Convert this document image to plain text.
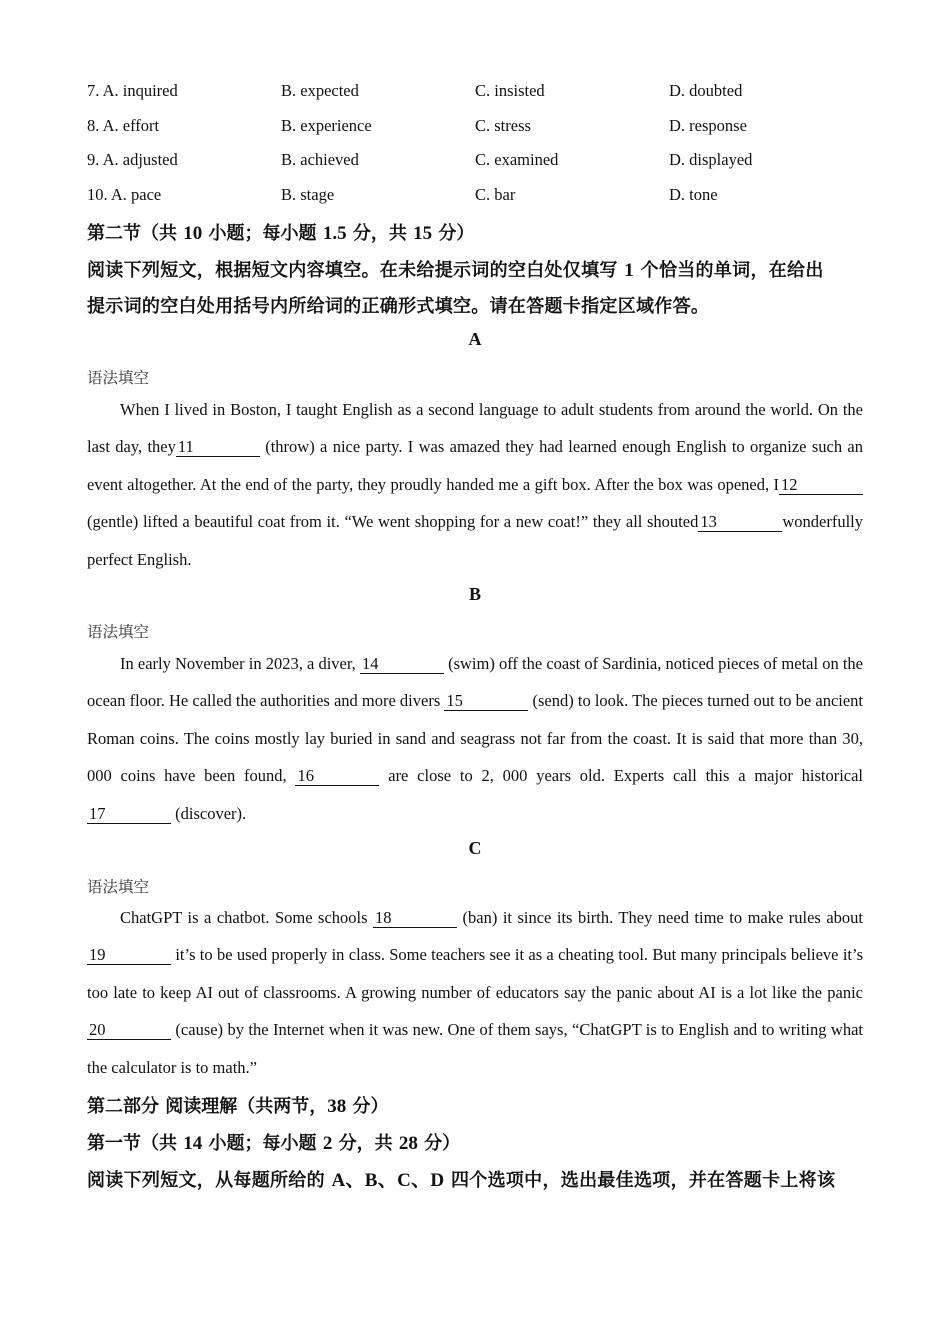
7. A. inquired	B. expected	C. insisted	D. doubted
8. A. effort	B. experience	C. stress	D. response
9. A. adjusted	B. achieved	C. examined	D. displayed
10. A. pace	B. stage	C. bar	D. tone
第二节（共 10 小题；每小题 1.5 分，共 15 分）
阅读下列短文，根据短文内容填空。在未给提示词的空白处仅填写 1 个恰当的单词，在给出
提示词的空白处用括号内所给词的正确形式填空。请在答题卡指定区域作答。
A
语法填空
When I lived in Boston, I taught English as a second language to adult students from around the world. On the last day, they 11	(throw) a nice party. I was amazed they had learned enough English to organize such an event altogether. At the end of the party, they proudly handed me a gift box. After the box was opened, I 12 (gentle) lifted a beautiful coat from it. “We went shopping for a new coat!” they all shouted 13	wonderfully perfect English.
B
语法填空
In early November in 2023, a diver, 14	(swim) off the coast of Sardinia, noticed pieces of metal on the ocean floor. He called the authorities and more divers 15	(send) to look. The pieces turned out to be ancient Roman coins. The coins mostly lay buried in sand and seagrass not far from the coast. It is said that more than 30, 000 coins have been found, 16	are close to 2, 000 years old. Experts call this a major historical 17	(discover).
C
语法填空
ChatGPT is a chatbot. Some schools 18	(ban) it since its birth. They need time to make rules about 19	it’s to be used properly in class. Some teachers see it as a cheating tool. But many principals believe it’s too late to keep AI out of classrooms. A growing number of educators say the panic about AI is a lot like the panic 20	(cause) by the Internet when it was new. One of them says, “ChatGPT is to English and to writing what the calculator is to math.”
第二部分 阅读理解（共两节，38 分）
第一节（共 14 小题；每小题 2 分，共 28 分）
阅读下列短文，从每题所给的 A、B、C、D 四个选项中，选出最佳选项，并在答题卡上将该
